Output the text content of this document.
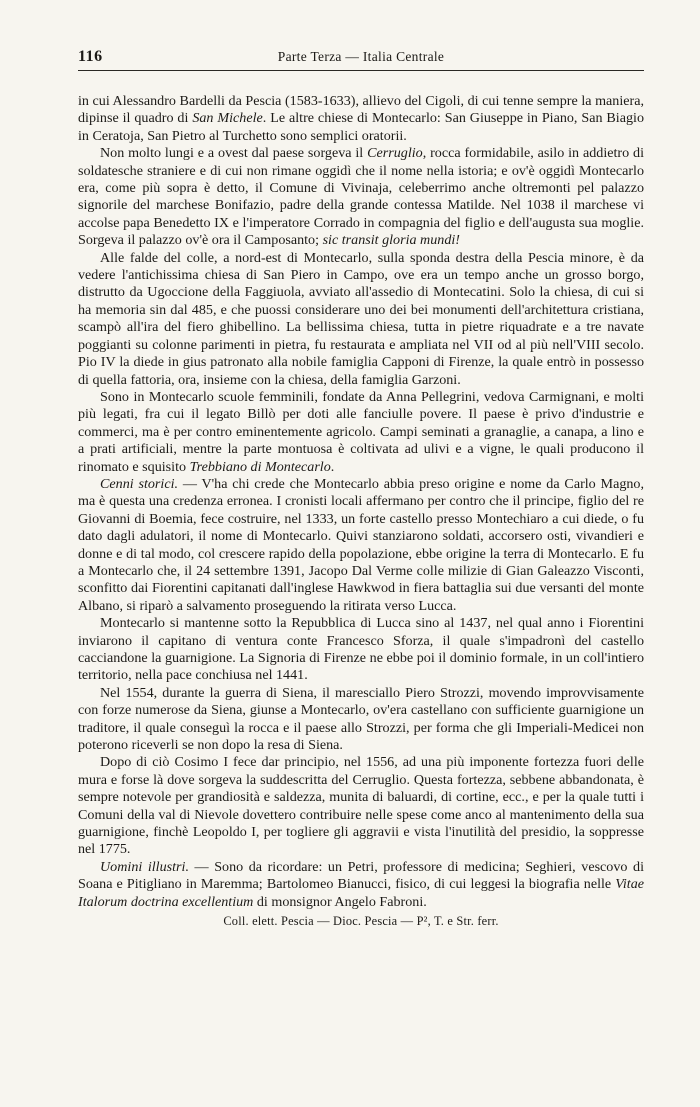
116	Parte Terza — Italia Centrale

in cui Alessandro Bardelli da Pescia (1583-1633), allievo del Cigoli, di cui tenne sempre la maniera, dipinse il quadro di San Michele. Le altre chiese di Montecarlo: San Giuseppe in Piano, San Biagio in Ceratoja, San Pietro al Turchetto sono semplici oratorii.

Non molto lungi e a ovest dal paese sorgeva il Cerruglio, rocca formidabile, asilo in addietro di soldatesche straniere e di cui non rimane oggidì che il nome nella istoria; e ov'è oggidì Montecarlo era, come più sopra è detto, il Comune di Vivinaja, celeberrimo anche oltremonti pel palazzo signorile del marchese Bonifazio, padre della grande contessa Matilde. Nel 1038 il marchese vi accolse papa Benedetto IX e l'imperatore Corrado in compagnia del figlio e dell'augusta sua moglie. Sorgeva il palazzo ov'è ora il Camposanto; sic transit gloria mundi!

Alle falde del colle, a nord-est di Montecarlo, sulla sponda destra della Pescia minore, è da vedere l'antichissima chiesa di San Piero in Campo, ove era un tempo anche un grosso borgo, distrutto da Ugoccione della Faggiuola, avviato all'assedio di Montecatini. Solo la chiesa, di cui si ha memoria sin dal 485, e che puossi considerare uno dei bei monumenti dell'architettura cristiana, scampò all'ira del fiero ghibellino. La bellissima chiesa, tutta in pietre riquadrate e a tre navate poggianti su colonne parimenti in pietra, fu restaurata e ampliata nel VII od al più nell'VIII secolo. Pio IV la diede in gius patronato alla nobile famiglia Capponi di Firenze, la quale entrò in possesso di quella fattoria, ora, insieme con la chiesa, della famiglia Garzoni.

Sono in Montecarlo scuole femminili, fondate da Anna Pellegrini, vedova Carmignani, e molti più legati, fra cui il legato Billò per doti alle fanciulle povere. Il paese è privo d'industrie e commerci, ma è per contro eminentemente agricolo. Campi seminati a granaglie, a canapa, a lino e a prati artificiali, mentre la parte montuosa è coltivata ad ulivi e a vigne, le quali producono il rinomato e squisito Trebbiano di Montecarlo.

Cenni storici. — V'ha chi crede che Montecarlo abbia preso origine e nome da Carlo Magno, ma è questa una credenza erronea. I cronisti locali affermano per contro che il principe, figlio del re Giovanni di Boemia, fece costruire, nel 1333, un forte castello presso Montechiaro a cui diede, o fu dato dagli adulatori, il nome di Montecarlo. Quivi stanziarono soldati, accorsero osti, vivandieri e donne e di tal modo, col crescere rapido della popolazione, ebbe origine la terra di Montecarlo. E fu a Montecarlo che, il 24 settembre 1391, Jacopo Dal Verme colle milizie di Gian Galeazzo Visconti, sconfitto dai Fiorentini capitanati dall'inglese Hawkwod in fiera battaglia sui due versanti del monte Albano, si riparò a salvamento proseguendo la ritirata verso Lucca.

Montecarlo si mantenne sotto la Repubblica di Lucca sino al 1437, nel qual anno i Fiorentini inviarono il capitano di ventura conte Francesco Sforza, il quale s'impadronì del castello cacciandone la guarnigione. La Signoria di Firenze ne ebbe poi il dominio formale, in un coll'intiero territorio, nella pace conchiusa nel 1441.

Nel 1554, durante la guerra di Siena, il maresciallo Piero Strozzi, movendo improvvisamente con forze numerose da Siena, giunse a Montecarlo, ov'era castellano con sufficiente guarnigione un traditore, il quale conseguì la rocca e il paese allo Strozzi, per forma che gli Imperiali-Medicei non poterono riceverli se non dopo la resa di Siena.

Dopo di ciò Cosimo I fece dar principio, nel 1556, ad una più imponente fortezza fuori delle mura e forse là dove sorgeva la suddescritta del Cerruglio. Questa fortezza, sebbene abbandonata, è sempre notevole per grandiosità e saldezza, munita di baluardi, di cortine, ecc., e per la quale tutti i Comuni della val di Nievole dovettero contribuire nelle spese come anco al mantenimento della sua guarnigione, finchè Leopoldo I, per togliere gli aggravii e vista l'inutilità del presidio, la soppresse nel 1775.

Uomini illustri. — Sono da ricordare: un Petri, professore di medicina; Seghieri, vescovo di Soana e Pitigliano in Maremma; Bartolomeo Bianucci, fisico, di cui leggesi la biografia nelle Vitae Italorum doctrina excellentium di monsignor Angelo Fabroni.

Coll. elett. Pescia — Dioc. Pescia — P², T. e Str. ferr.
